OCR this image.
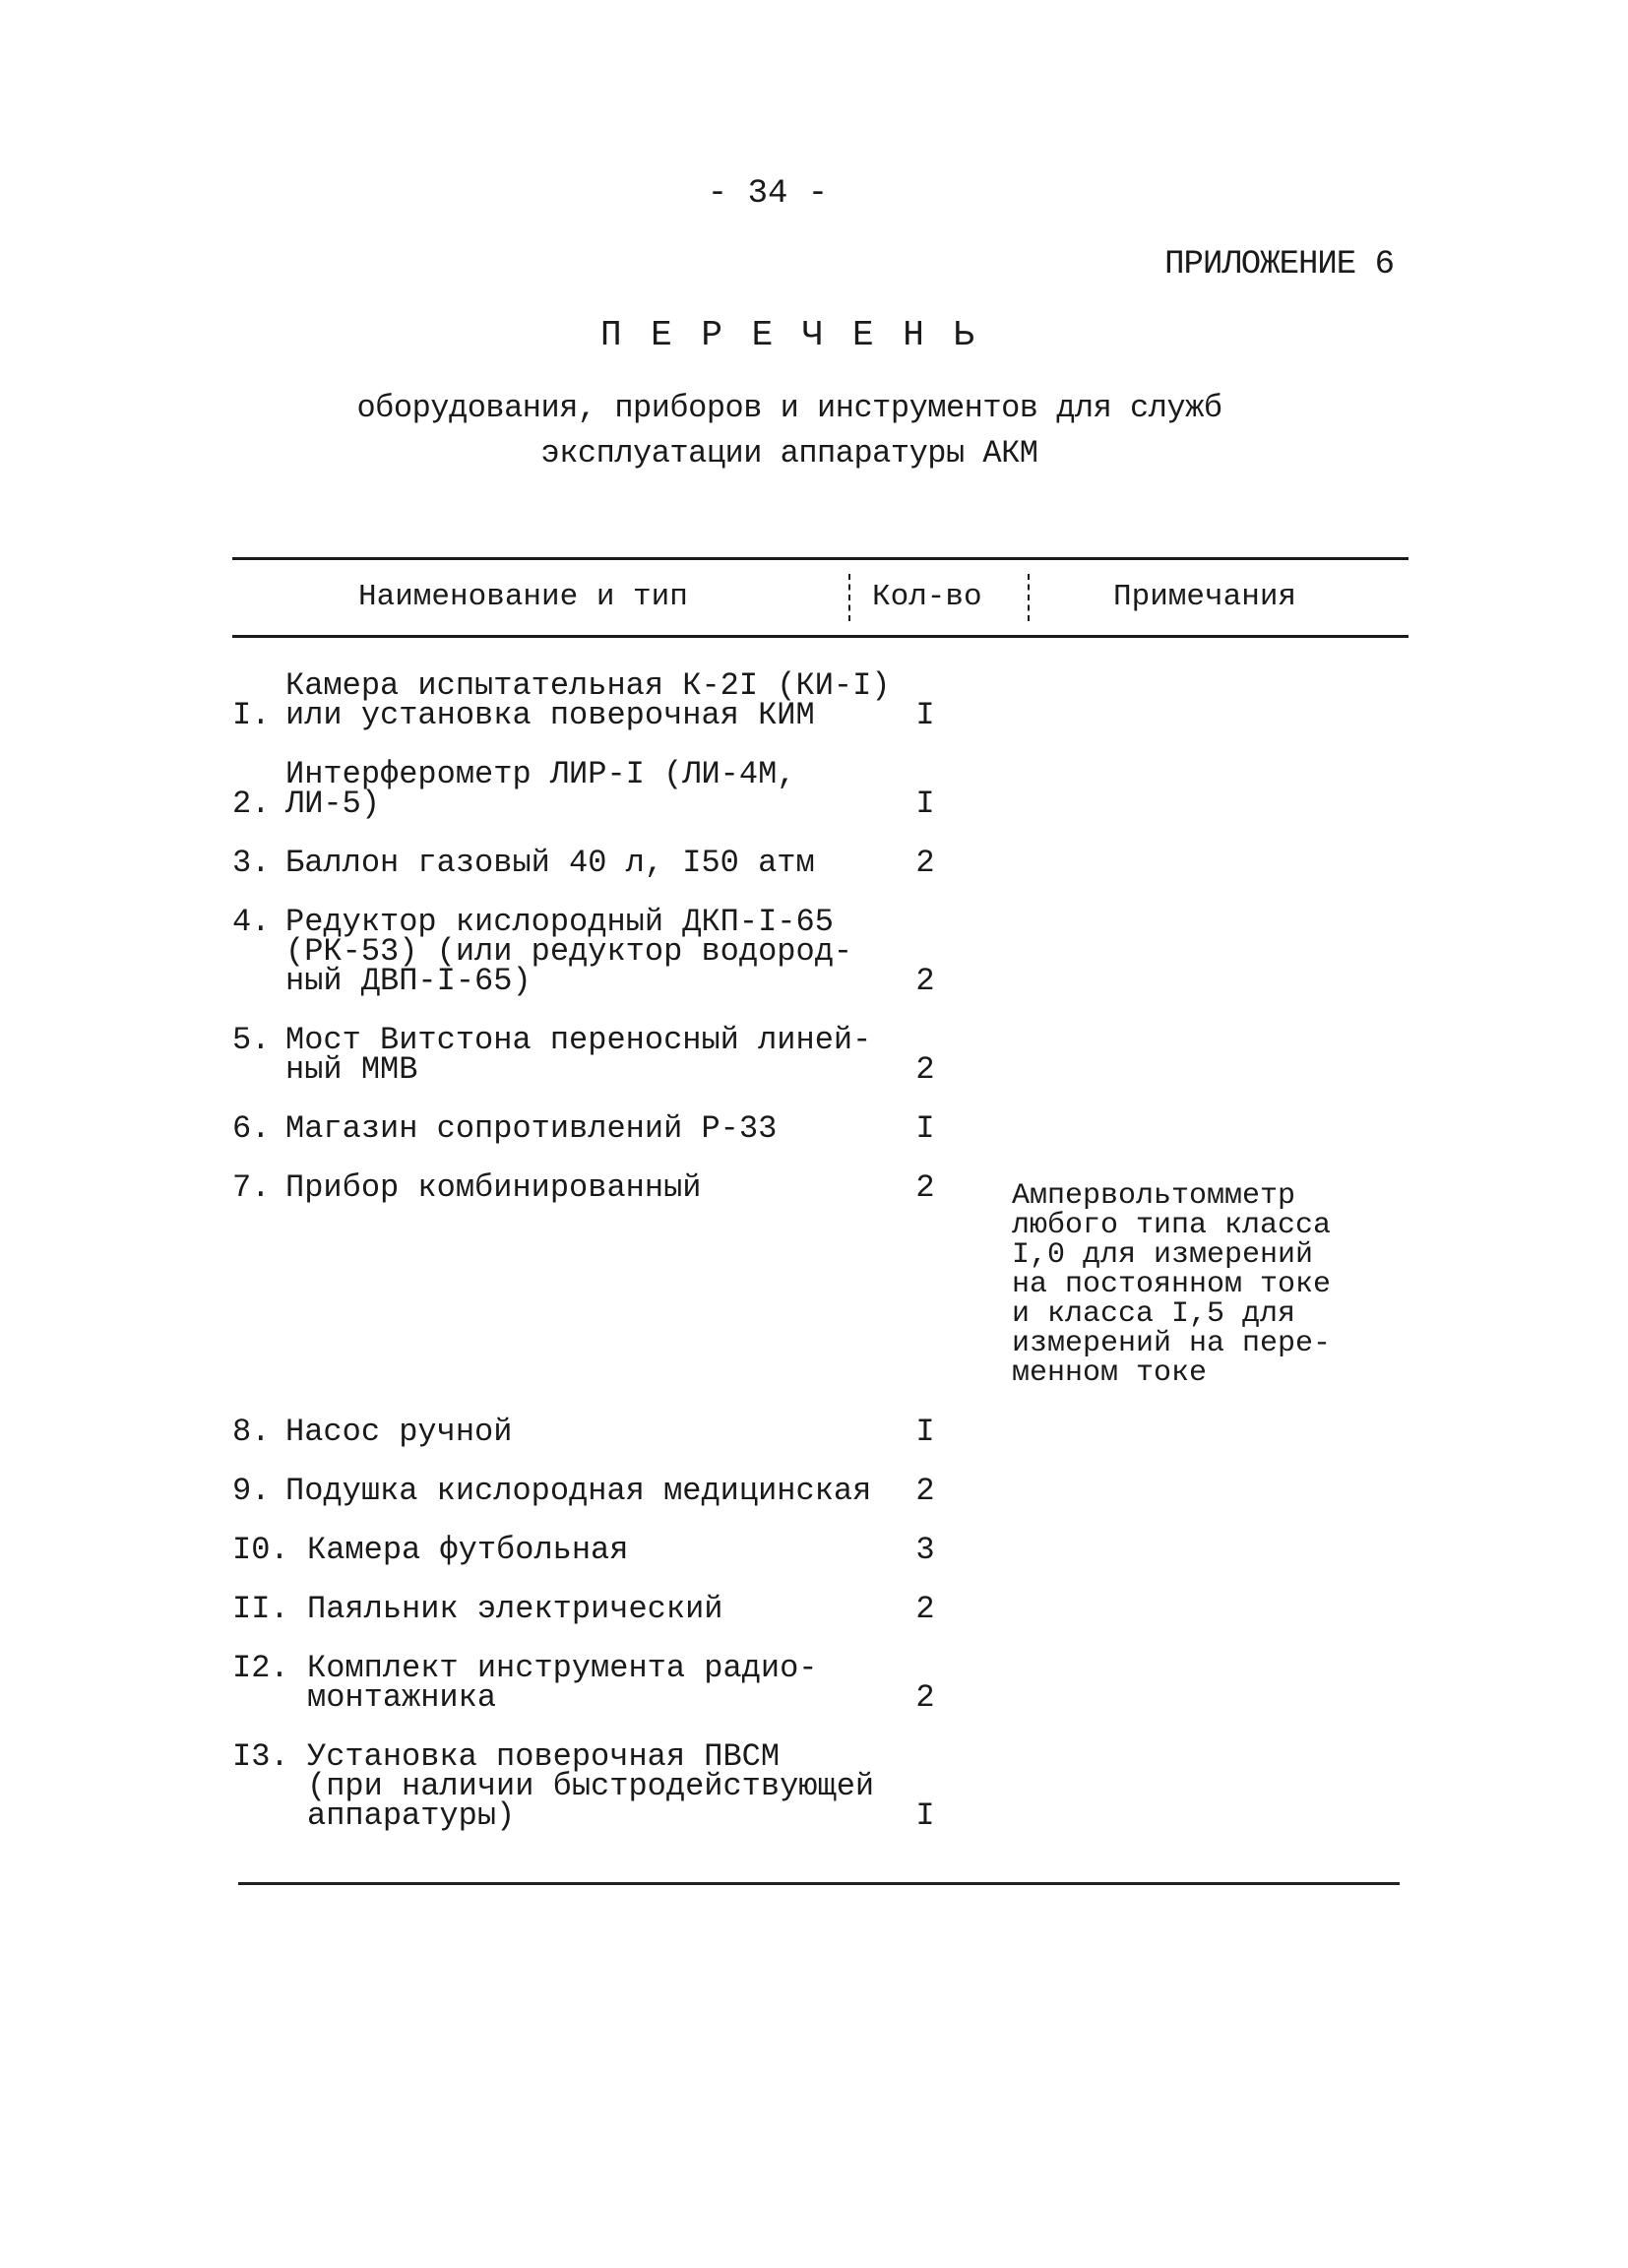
- 34 -
ПРИЛОЖЕНИЕ 6
П Е Р Е Ч Е Н Ь
оборудования, приборов и инструментов для служб
эксплуатации аппаратуры АКМ
Наименование и тип	Кол-во	Примечания
I.
Камера испытательная К-2I (КИ-I)
или установка поверочная КИМ	I
2.
Интерферометр ЛИР-I (ЛИ-4М, ЛИ-5)	I
3. Баллон газовый 40 л, I50 атм	2
4. Редуктор кислородный ДКП-I-65
(РК-53) (или редуктор водород-
ный ДВП-I-65)	2
5. Мост Витстона переносный линей-
ный ММВ	2
6. Магазин сопротивлений Р-33	I
7. Прибор комбинированный	2	Ампервольтомметр
любого типа класса
I,0 для измерений
на постоянном токе
и класса I,5 для
измерений на пере-
менном токе
8. Насос ручной	I
9. Подушка кислородная медицинская	2
I0. Камера футбольная	3
II. Паяльник электрический	2
I2. Комплект инструмента радио-
монтажника	2
I3. Установка поверочная ПВСМ
(при наличии быстродействующей
аппаратуры)	I
